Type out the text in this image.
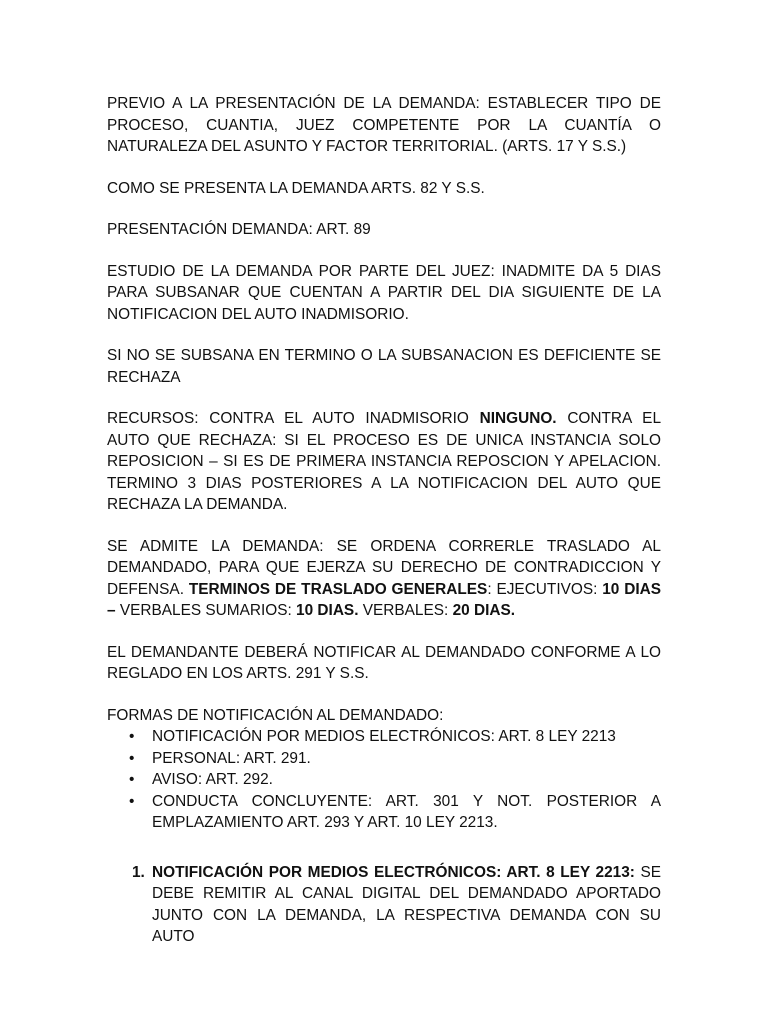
PREVIO A LA PRESENTACIÓN DE LA DEMANDA: ESTABLECER TIPO DE PROCESO, CUANTIA, JUEZ COMPETENTE POR LA CUANTÍA O NATURALEZA DEL ASUNTO Y FACTOR TERRITORIAL. (ARTS. 17 Y S.S.)

COMO SE PRESENTA LA DEMANDA ARTS. 82 Y S.S.

PRESENTACIÓN DEMANDA: ART. 89

ESTUDIO DE LA DEMANDA POR PARTE DEL JUEZ: INADMITE DA 5 DIAS PARA SUBSANAR QUE CUENTAN A PARTIR DEL DIA SIGUIENTE DE LA NOTIFICACION DEL AUTO INADMISORIO.

SI NO SE SUBSANA EN TERMINO O LA SUBSANACION ES DEFICIENTE SE RECHAZA

RECURSOS: CONTRA EL AUTO INADMISORIO NINGUNO. CONTRA EL AUTO QUE RECHAZA: SI EL PROCESO ES DE UNICA INSTANCIA SOLO REPOSICION – SI ES DE PRIMERA INSTANCIA REPOSCION Y APELACION. TERMINO 3 DIAS POSTERIORES A LA NOTIFICACION DEL AUTO QUE RECHAZA LA DEMANDA.

SE ADMITE LA DEMANDA: SE ORDENA CORRERLE TRASLADO AL DEMANDADO, PARA QUE EJERZA SU DERECHO DE CONTRADICCION Y DEFENSA. TERMINOS DE TRASLADO GENERALES: EJECUTIVOS: 10 DIAS – VERBALES SUMARIOS: 10 DIAS. VERBALES: 20 DIAS.

EL DEMANDANTE DEBERÁ NOTIFICAR AL DEMANDADO CONFORME A LO REGLADO EN LOS ARTS. 291 Y S.S.

FORMAS DE NOTIFICACIÓN AL DEMANDADO:

• NOTIFICACIÓN POR MEDIOS ELECTRÓNICOS: ART. 8 LEY 2213
• PERSONAL: ART. 291.
• AVISO: ART. 292.
• CONDUCTA CONCLUYENTE: ART. 301 Y NOT. POSTERIOR A EMPLAZAMIENTO ART. 293 Y ART. 10 LEY 2213.
1. NOTIFICACIÓN POR MEDIOS ELECTRÓNICOS: ART. 8 LEY 2213: SE DEBE REMITIR AL CANAL DIGITAL DEL DEMANDADO APORTADO JUNTO CON LA DEMANDA, LA RESPECTIVA DEMANDA CON SU AUTO
